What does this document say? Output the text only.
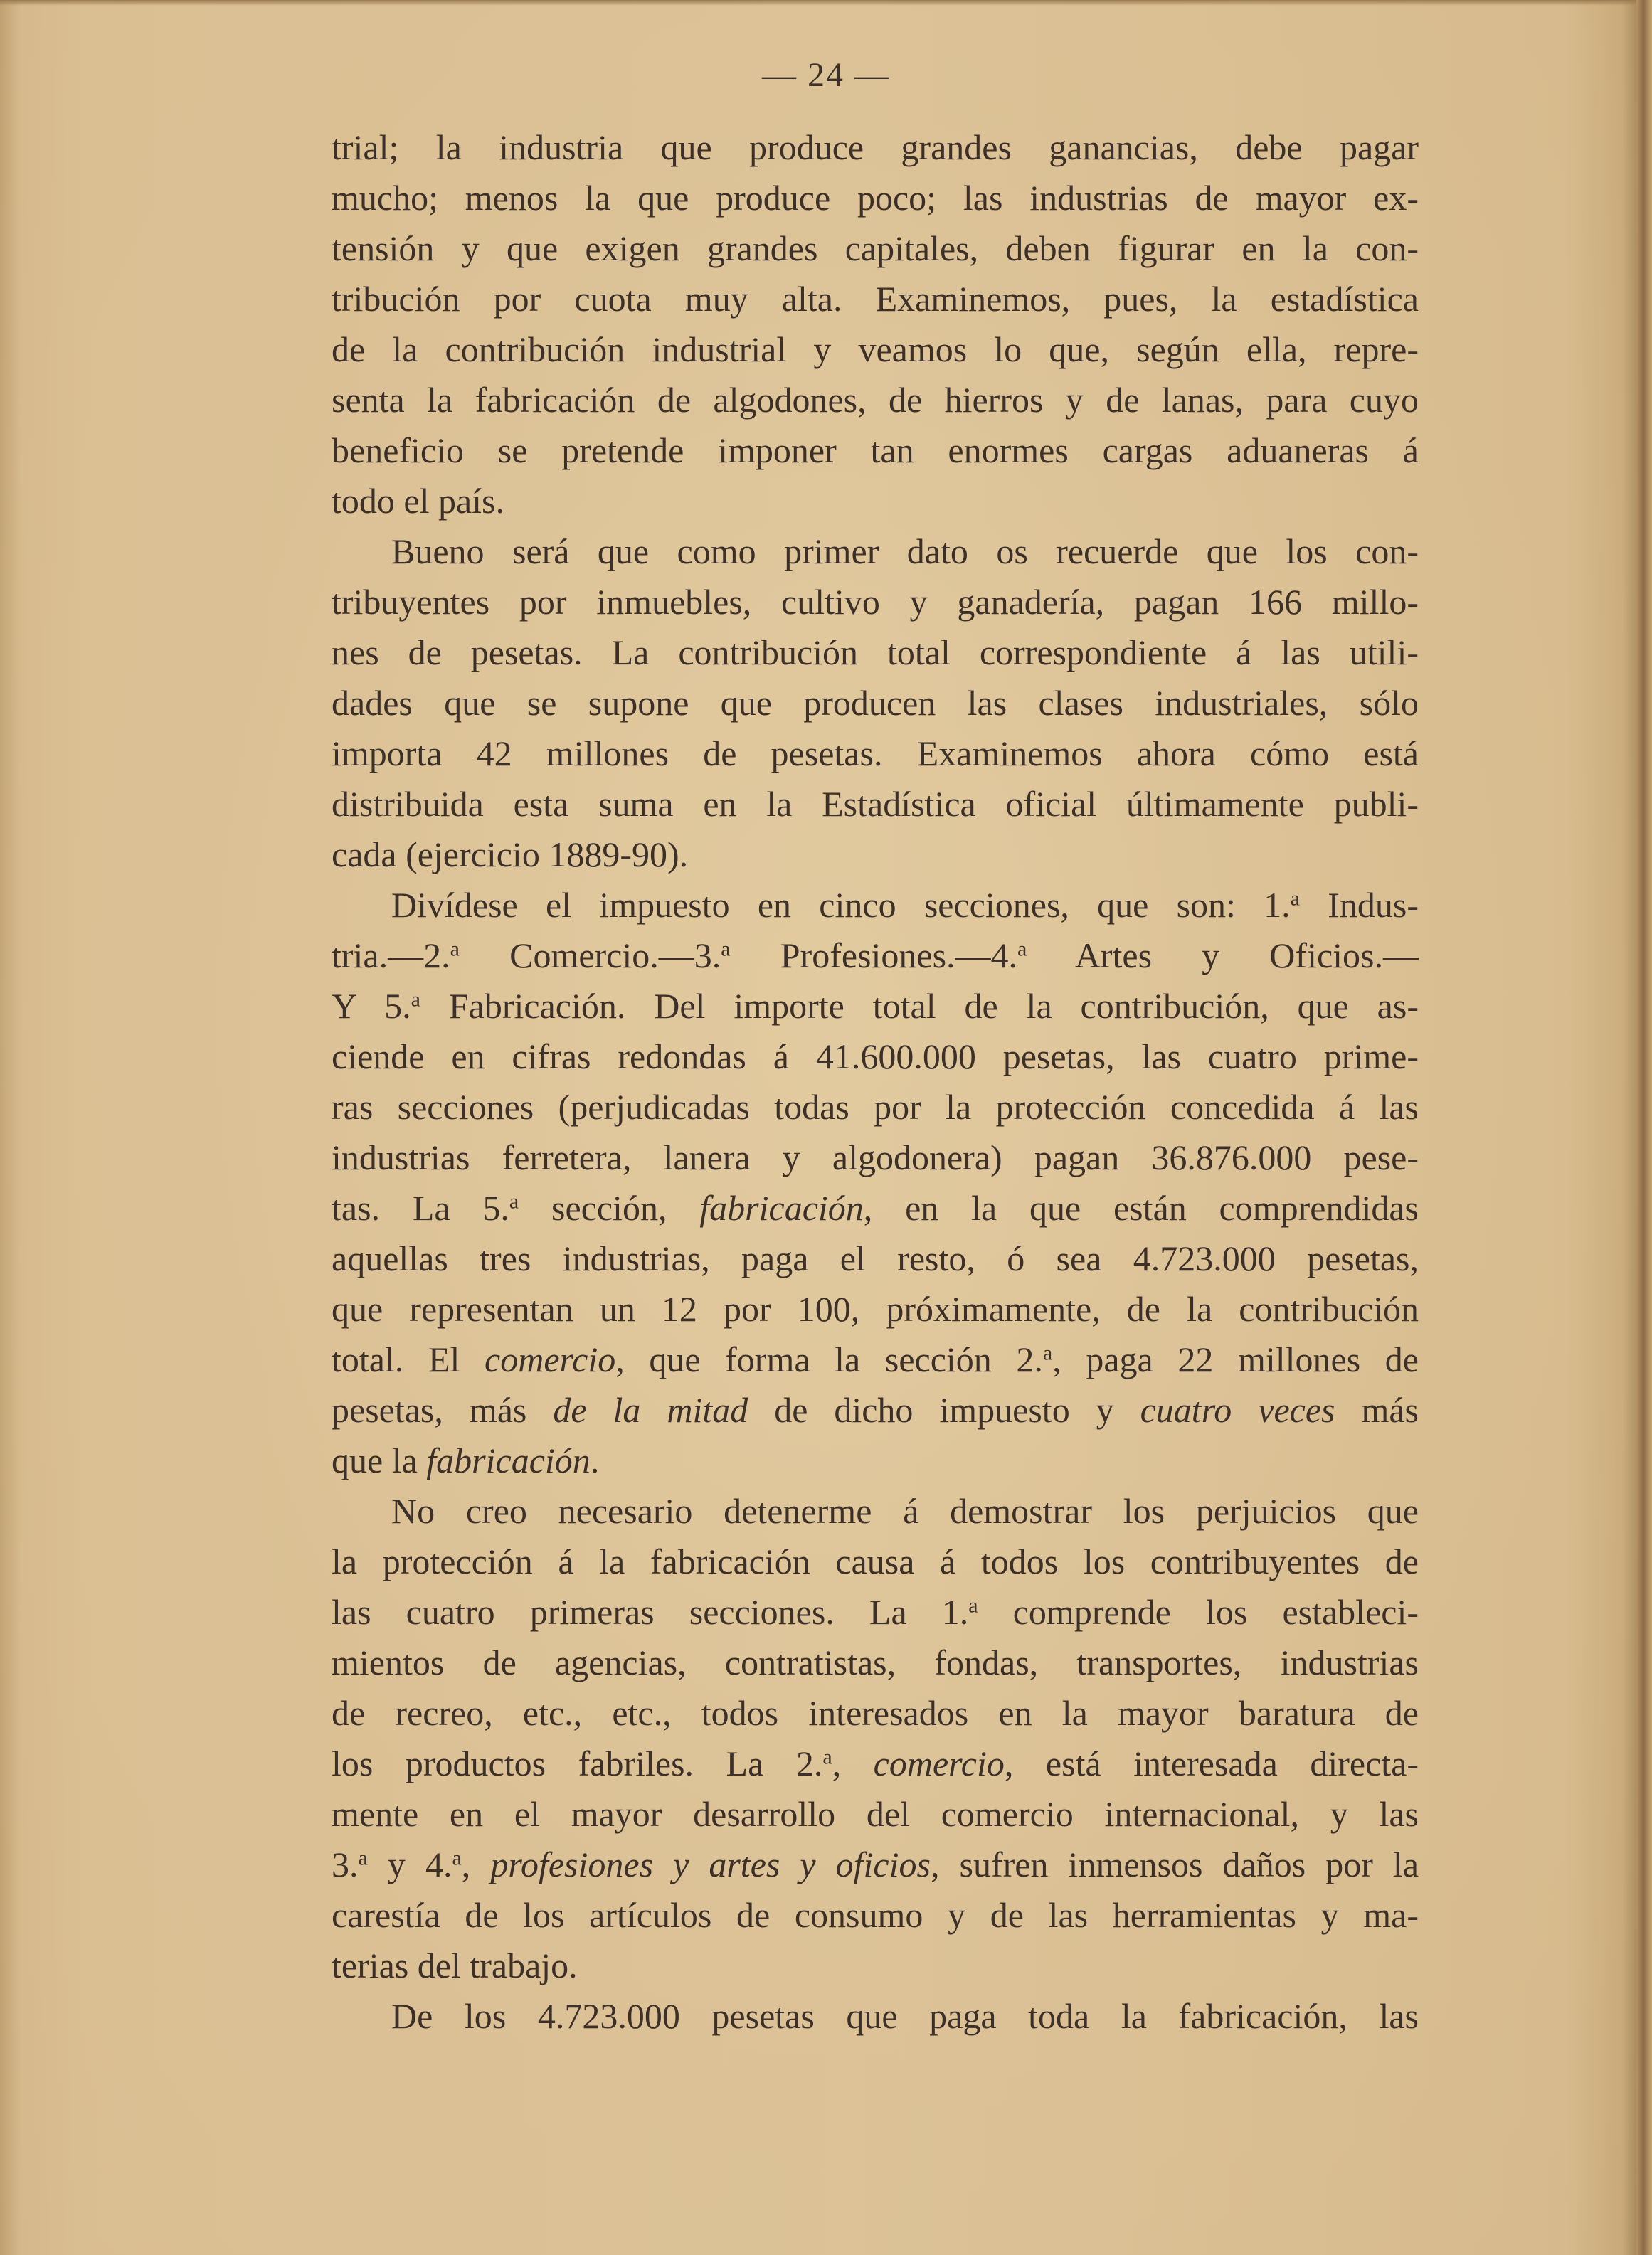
— 24 —
trial; la industria que produce grandes ganancias, debe pagar
mucho; menos la que produce poco; las industrias de mayor ex-
tensión y que exigen grandes capitales, deben figurar en la con-
tribución por cuota muy alta. Examinemos, pues, la estadística
de la contribución industrial y veamos lo que, según ella, repre-
senta la fabricación de algodones, de hierros y de lanas, para cuyo
beneficio se pretende imponer tan enormes cargas aduaneras á
todo el país.
Bueno será que como primer dato os recuerde que los con-
tribuyentes por inmuebles, cultivo y ganadería, pagan 166 millo-
nes de pesetas. La contribución total correspondiente á las utili-
dades que se supone que producen las clases industriales, sólo
importa 42 millones de pesetas. Examinemos ahora cómo está
distribuida esta suma en la Estadística oficial últimamente publi-
cada (ejercicio 1889-90).
Divídese el impuesto en cinco secciones, que son: 1.$^a$ Indus-
tria.—2.$^a$ Comercio.—3.$^a$ Profesiones.—4.$^a$ Artes y Oficios.—
Y 5.$^a$ Fabricación. Del importe total de la contribución, que as-
ciende en cifras redondas á 41.600.000 pesetas, las cuatro prime-
ras secciones (perjudicadas todas por la protección concedida á las
industrias ferretera, lanera y algodonera) pagan 36.876.000 pese-
tas. La 5.$^a$ sección, fabricación, en la que están comprendidas
aquellas tres industrias, paga el resto, ó sea 4.723.000 pesetas,
que representan un 12 por 100, próximamente, de la contribución
total. El comercio, que forma la sección 2.$^a$, paga 22 millones de
pesetas, más de la mitad de dicho impuesto y cuatro veces más
que la fabricación.
No creo necesario detenerme á demostrar los perjuicios que
la protección á la fabricación causa á todos los contribuyentes de
las cuatro primeras secciones. La 1.$^a$ comprende los estableci-
mientos de agencias, contratistas, fondas, transportes, industrias
de recreo, etc., etc., todos interesados en la mayor baratura de
los productos fabriles. La 2.$^a$, comercio, está interesada directa-
mente en el mayor desarrollo del comercio internacional, y las
3.$^a$ y 4.$^a$, profesiones y artes y oficios, sufren inmensos daños por la
carestía de los artículos de consumo y de las herramientas y ma-
terias del trabajo.
De los 4.723.000 pesetas que paga toda la fabricación, las
